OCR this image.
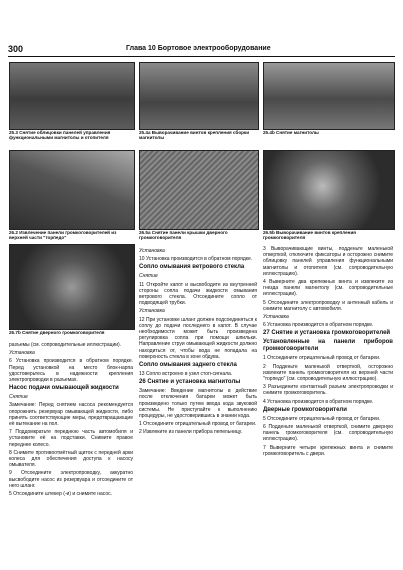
300	Глава 10 Бортовое электрооборудование
25.3 Снятие облицовки панелей управления функциональными магнитолы и отопителя
25.4а Выворачивание винтов крепления сборки магнитолы
25.4b Снятие магнитолы
26.2 Извлечение панели громкоговорителей из верхней части "торпедо"
26.5а Снятие панели крышки дверного громкоговорителя
26.5b Выворачивание винтов крепления громкоговорителя
26.7b Снятие дверного громкоговорителя

разъемы (см. сопроводительные иллюстрации).

Установка

6 Установка производится в обратном порядке. Перед установкой на место блок-нарпа удостоверьтесь в надежности крепления электропроводки в разъемах.

Насос подачи омывающей жидкости

Снятие

Замечание: Перед снятием насоса рекомендуется опорожнить резервуар омывающей жидкости, либо принять соответствующие меры, предотвращающие её вытекание на пол.

7 Поддомкратьте переднюю часть автомобиля и установите её на подставки. Снимите правое переднее колесо.

8 Снимите противоотмётный щиток с передней арки колеса для обеспечения доступа к насосу омывателя.

9 Отсоедините электропроводку, аккуратно высвободите насос из резервуара и отсоедините от него шланг.

5 Отсоедините штекер (-и) и снимите насос.

Установка

10 Установка производится в обратном порядке.

Сопло омывания ветрового стекла

Снятие

11 Откройте капот и высвободите из внутренней стороны сопла подачи жидкости омывания ветрового стекла. Отсоедините сопло от подводящей трубки.

Установка

12 При установке шланг должен подсоединяться к соплу до подачи последнего в капот. В случае необходимости может быть произведена регулировка сопла при помощи шпильки. Направление струи омывающей жидкости должно находиться от, чтобы вода не попадала на поверхность стекла в зоне обдува.

Сопло омывания заднего стекла

13 Сопло встроено в узел стоп-сигнала.

26 Снятие и установка магнитолы

Замечание: Введение магнитолы в действие после отключения батареи может быть произведено только путем ввода кода звуковой системы. Не приступайте к выполнению процедуры, не удостоверившись в знании кода.

1 Отсоедините отрицательный провод от батареи.

2 Извлеките из панели прибора пепельницу.

3 Выворачивающие винты, подденьте маленькой отверткой, отключите фиксаторы и осторожно снимите облицовку панелей управления функциональными магнитолы и отопителя (см. сопроводительную иллюстрацию).

4 Выверните два крепежных винта и извлеките из гнезда панели магнитолу (см. сопроводительные иллюстрации).

5 Отсоедините электропроводку и антенный кабель и снимите магнитолу с автомобиля.

Установка

6 Установка производится в обратном порядке.

27 Снятие и установка громкоговорителей

Установленные на панели приборов громкоговорители

1 Отсоедините отрицательный провод от батареи.

2 Подденьте маленькой отверткой, осторожно извлеките панель громкоговорителя из верхней части "торпедо" (см. сопроводительную иллюстрацию).

3 Разъедините контактный разъем электропроводки и снимите громкоговоритель.

4 Установка производится в обратном порядке.

Дверные громкоговорители

5 Отсоедините отрицательный провод от батареи.

6 Подденьте маленькой отверткой, снимите дверную панель громкоговорителя (см. сопроводительную иллюстрацию).

7 Выверните четыре крепежных винта и снимите громкоговоритель с двери.
